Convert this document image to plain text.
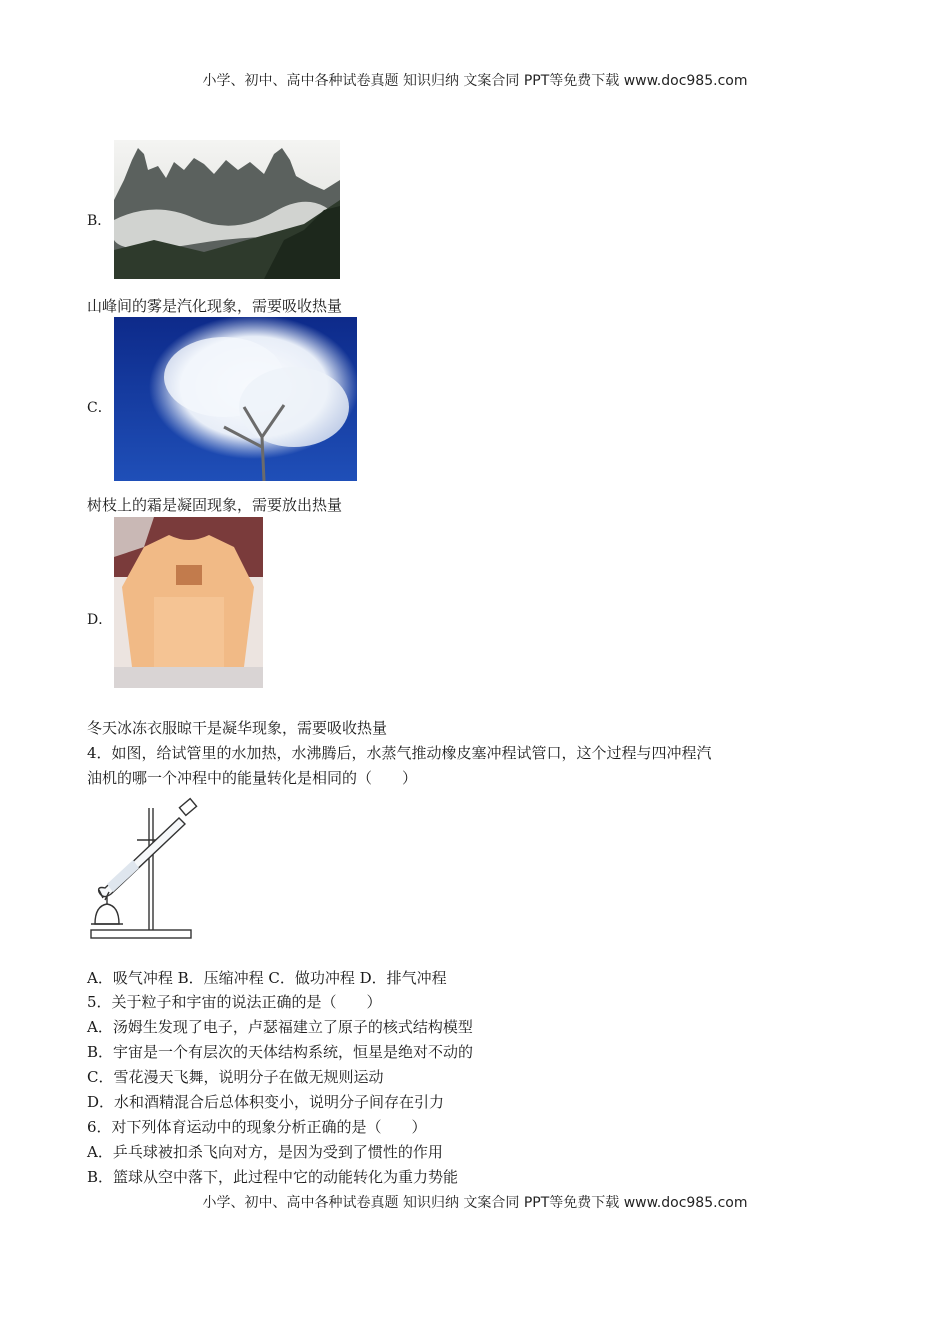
小学、初中、高中各种试卷真题 知识归纳 文案合同 PPT等免费下载 www.doc985.com
B．
山峰间的雾是汽化现象，需要吸收热量
C．
树枝上的霜是凝固现象，需要放出热量
D．
冬天冰冻衣服晾干是凝华现象，需要吸收热量
4．如图，给试管里的水加热，水沸腾后，水蒸气推动橡皮塞冲程试管口，这个过程与四冲程汽
油机的哪一个冲程中的能量转化是相同的（　　）
A．吸气冲程 B．压缩冲程 C．做功冲程 D．排气冲程
5．关于粒子和宇宙的说法正确的是（　　）
A．汤姆生发现了电子，卢瑟福建立了原子的核式结构模型
B．宇宙是一个有层次的天体结构系统，恒星是绝对不动的
C．雪花漫天飞舞，说明分子在做无规则运动
D．水和酒精混合后总体积变小，说明分子间存在引力
6．对下列体育运动中的现象分析正确的是（　　）
A．乒乓球被扣杀飞向对方，是因为受到了惯性的作用
B．篮球从空中落下，此过程中它的动能转化为重力势能
小学、初中、高中各种试卷真题 知识归纳 文案合同 PPT等免费下载 www.doc985.com
